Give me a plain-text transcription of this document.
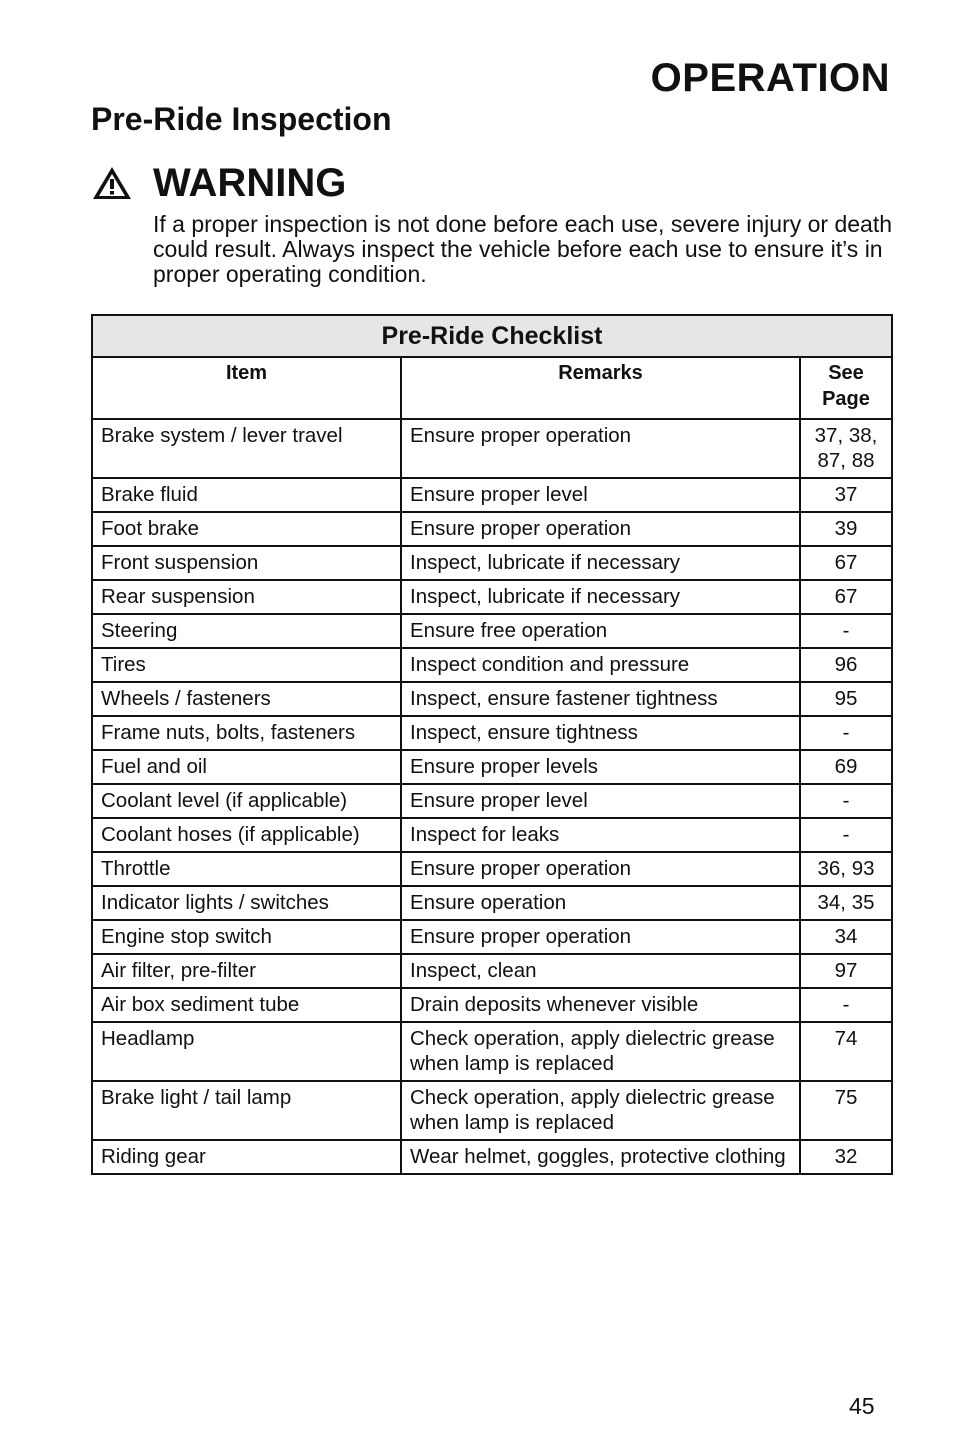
OPERATION
Pre-Ride Inspection
WARNING

If a proper inspection is not done before each use, severe injury or death could result. Always inspect the vehicle before each use to ensure it’s in proper operating condition.

Pre-Ride Checklist		
Item	Remarks	See Page
Brake system / lever travel	Ensure proper operation	37, 38, 87, 88
Brake fluid	Ensure proper level	37
Foot brake	Ensure proper operation	39
Front suspension	Inspect, lubricate if necessary	67
Rear suspension	Inspect, lubricate if necessary	67
Steering	Ensure free operation	-
Tires	Inspect condition and pressure	96
Wheels / fasteners	Inspect, ensure fastener tightness	95
Frame nuts, bolts, fasteners	Inspect, ensure tightness	-
Fuel and oil	Ensure proper levels	69
Coolant level (if applicable)	Ensure proper level	-
Coolant hoses (if applicable)	Inspect for leaks	-
Throttle	Ensure proper operation	36, 93
Indicator lights / switches	Ensure operation	34, 35
Engine stop switch	Ensure proper operation	34
Air filter, pre-filter	Inspect, clean	97
Air box sediment tube	Drain deposits whenever visible	-
Headlamp	Check operation, apply dielectric grease when lamp is replaced	74
Brake light / tail lamp	Check operation, apply dielectric grease when lamp is replaced	75
Riding gear	Wear helmet, goggles, protective clothing	32

45
